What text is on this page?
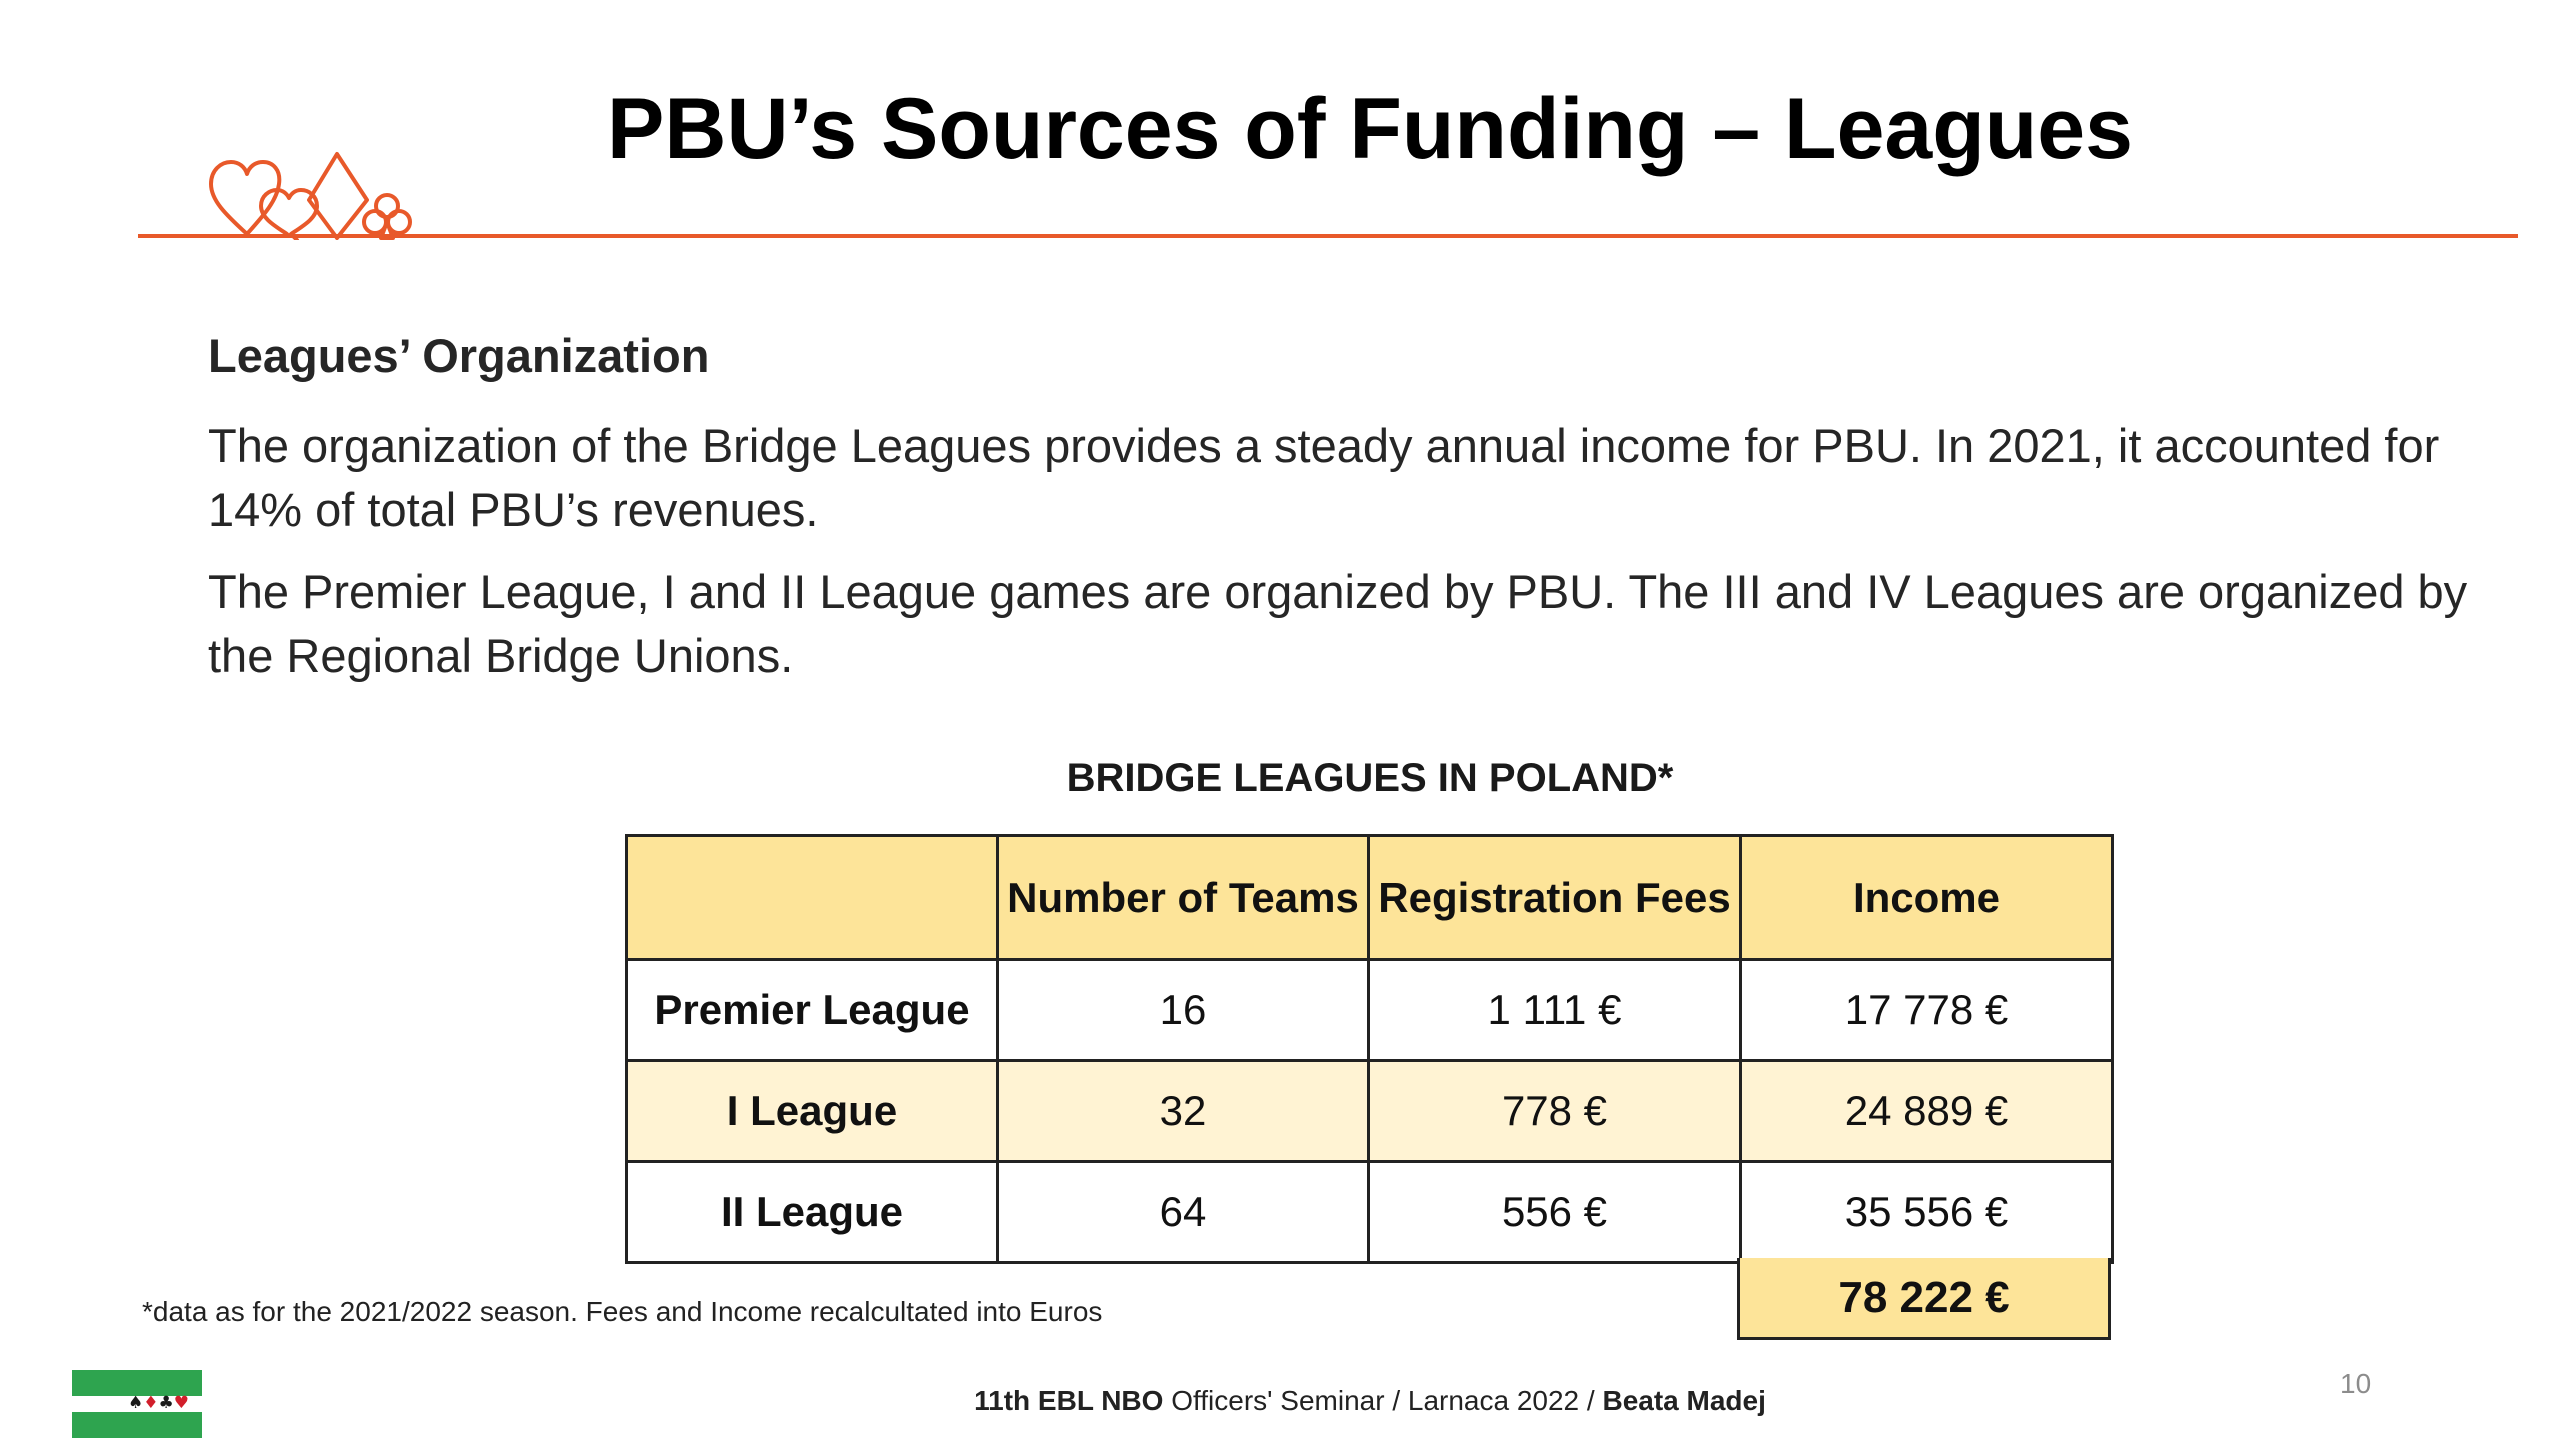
PBU’s Sources of Funding – Leagues
Leagues’ Organization
The organization of the Bridge Leagues provides a steady annual income for PBU. In 2021, it accounted for 14% of total PBU’s revenues.
The Premier League, I and II League games are organized by PBU. The III and IV Leagues are organized by the Regional Bridge Unions.
BRIDGE LEAGUES IN POLAND*
	Number of Teams	Registration Fees	Income
Premier League	16	1 111 €	17 778 €
I League	32	778 €	24 889 €
II League	64	556 €	35 556 €
78 222 €
*data as for the 2021/2022 season. Fees and Income recalcultated into Euros
♠♦♣♥	11th EBL NBO Officers' Seminar / Larnaca 2022 / Beata Madej
10
